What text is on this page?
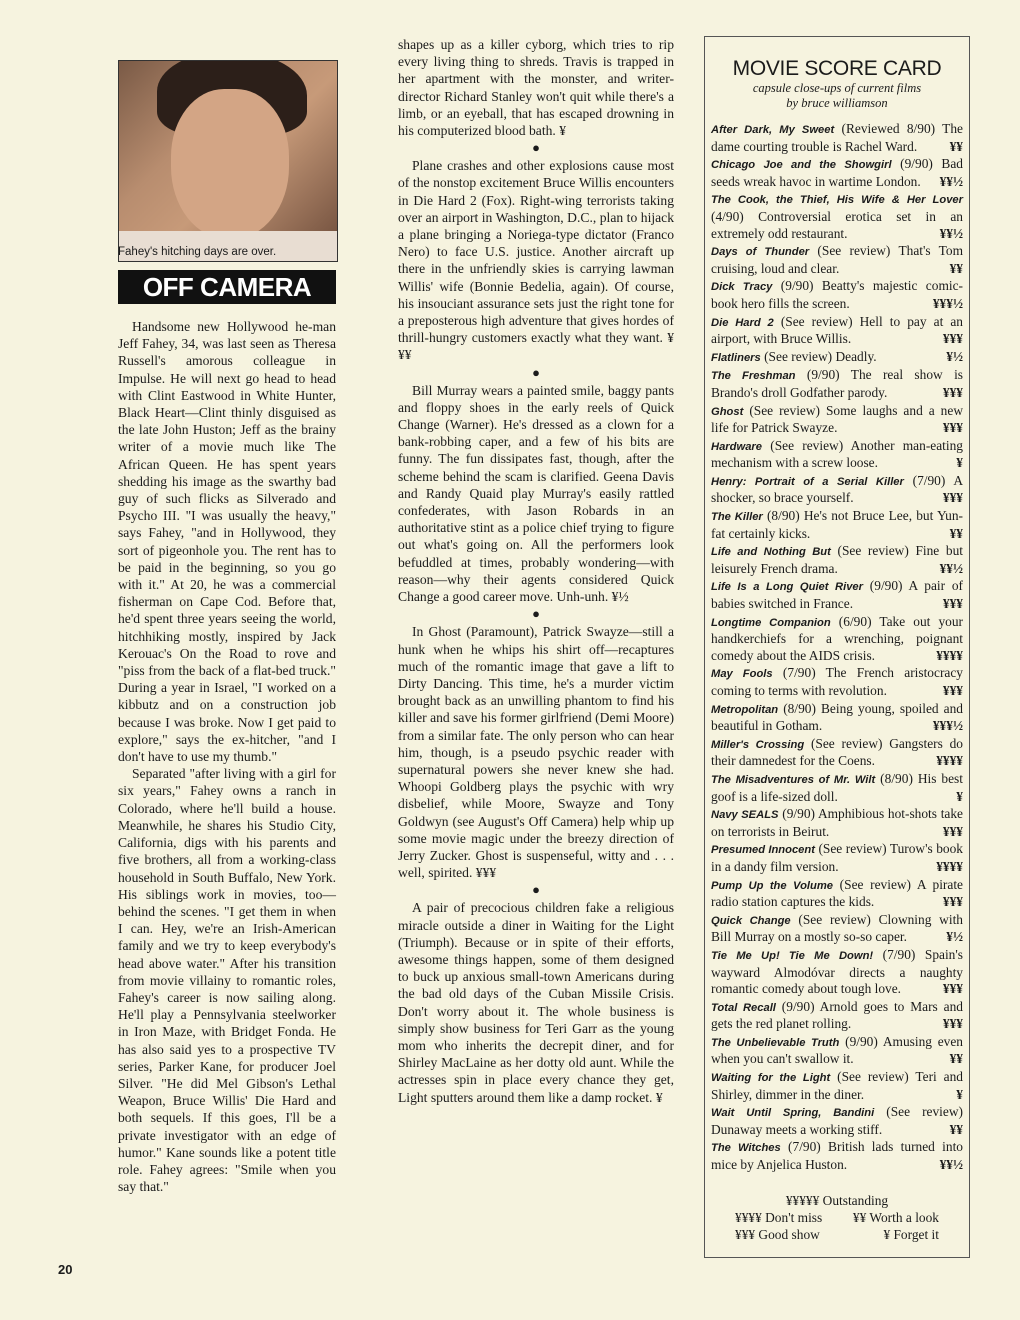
Fahey's hitching days are over.
OFF CAMERA

Handsome new Hollywood he-man Jeff Fahey, 34, was last seen as Theresa Russell's amorous colleague in Impulse. He will next go head to head with Clint Eastwood in White Hunter, Black Heart—Clint thinly disguised as the late John Huston; Jeff as the brainy writer of a movie much like The African Queen. He has spent years shedding his image as the swarthy bad guy of such flicks as Silverado and Psycho III. "I was usually the heavy," says Fahey, "and in Hollywood, they sort of pigeonhole you. The rent has to be paid in the beginning, so you go with it." At 20, he was a commercial fisherman on Cape Cod. Before that, he'd spent three years seeing the world, hitchhiking mostly, inspired by Jack Kerouac's On the Road to rove and "piss from the back of a flat-bed truck." During a year in Israel, "I worked on a kibbutz and on a construction job because I was broke. Now I get paid to explore," says the ex-hitcher, "and I don't have to use my thumb."

Separated "after living with a girl for six years," Fahey owns a ranch in Colorado, where he'll build a house. Meanwhile, he shares his Studio City, California, digs with his parents and five brothers, all from a working-class household in South Buffalo, New York. His siblings work in movies, too—behind the scenes. "I get them in when I can. Hey, we're an Irish-American family and we try to keep everybody's head above water." After his transition from movie villainy to romantic roles, Fahey's career is now sailing along. He'll play a Pennsylvania steelworker in Iron Maze, with Bridget Fonda. He has also said yes to a prospective TV series, Parker Kane, for producer Joel Silver. "He did Mel Gibson's Lethal Weapon, Bruce Willis' Die Hard and both sequels. If this goes, I'll be a private investigator with an edge of humor." Kane sounds like a potent title role. Fahey agrees: "Smile when you say that."

shapes up as a killer cyborg, which tries to rip every living thing to shreds. Travis is trapped in her apartment with the monster, and writer-director Richard Stanley won't quit while there's a limb, or an eyeball, that has escaped drowning in his computerized blood bath. ¥

●

Plane crashes and other explosions cause most of the nonstop excitement Bruce Willis encounters in Die Hard 2 (Fox). Right-wing terrorists taking over an airport in Washington, D.C., plan to hijack a plane bringing a Noriega-type dictator (Franco Nero) to face U.S. justice. Another aircraft up there in the unfriendly skies is carrying lawman Willis' wife (Bonnie Bedelia, again). Of course, his insouciant assurance sets just the right tone for a preposterous high adventure that gives hordes of thrill-hungry customers exactly what they want. ¥¥¥

●

Bill Murray wears a painted smile, baggy pants and floppy shoes in the early reels of Quick Change (Warner). He's dressed as a clown for a bank-robbing caper, and a few of his bits are funny. The fun dissipates fast, though, after the scheme behind the scam is clarified. Geena Davis and Randy Quaid play Murray's easily rattled confederates, with Jason Robards in an authoritative stint as a police chief trying to figure out what's going on. All the performers look befuddled at times, probably wondering—with reason—why their agents considered Quick Change a good career move. Unh-unh. ¥½

●

In Ghost (Paramount), Patrick Swayze—still a hunk when he whips his shirt off—recaptures much of the romantic image that gave a lift to Dirty Dancing. This time, he's a murder victim brought back as an unwilling phantom to find his killer and save his former girlfriend (Demi Moore) from a similar fate. The only person who can hear him, though, is a pseudo psychic reader with supernatural powers she never knew she had. Whoopi Goldberg plays the psychic with wry disbelief, while Moore, Swayze and Tony Goldwyn (see August's Off Camera) help whip up some movie magic under the breezy direction of Jerry Zucker. Ghost is suspenseful, witty and . . . well, spirited. ¥¥¥

●

A pair of precocious children fake a religious miracle outside a diner in Waiting for the Light (Triumph). Because or in spite of their efforts, awesome things happen, some of them designed to buck up anxious small-town Americans during the bad old days of the Cuban Missile Crisis. Don't worry about it. The whole business is simply show business for Teri Garr as the young mom who inherits the decrepit diner, and for Shirley MacLaine as her dotty old aunt. While the actresses spin in place every chance they get, Light sputters around them like a damp rocket. ¥

MOVIE SCORE CARD
capsule close-ups of current films
by bruce williamson
After Dark, My Sweet (Reviewed 8/90) The dame courting trouble is Rachel Ward. ¥¥
Chicago Joe and the Showgirl (9/90) Bad seeds wreak havoc in wartime London. ¥¥½
The Cook, the Thief, His Wife & Her Lover (4/90) Controversial erotica set in an extremely odd restaurant.	¥¥½
Days of Thunder (See review) That's Tom cruising, loud and clear.	¥¥
Dick Tracy (9/90) Beatty's majestic comic-book hero fills the screen.	¥¥¥½
Die Hard 2 (See review) Hell to pay at an airport, with Bruce Willis.	¥¥¥
Flatliners (See review) Deadly.	¥½
The Freshman (9/90) The real show is Brando's droll Godfather parody.	¥¥¥
Ghost (See review) Some laughs and a new life for Patrick Swayze.	¥¥¥
Hardware (See review) Another man-eating mechanism with a screw loose.	¥
Henry: Portrait of a Serial Killer (7/90) A shocker, so brace yourself.	¥¥¥
The Killer (8/90) He's not Bruce Lee, but Yun-fat certainly kicks.	¥¥
Life and Nothing But (See review) Fine but leisurely French drama.	¥¥½
Life Is a Long Quiet River (9/90) A pair of babies switched in France.	¥¥¥
Longtime Companion (6/90) Take out your handkerchiefs for a wrenching, poignant comedy about the AIDS crisis.	¥¥¥¥
May Fools (7/90) The French aristocracy coming to terms with revolution.	¥¥¥
Metropolitan (8/90) Being young, spoiled and beautiful in Gotham.	¥¥¥½
Miller's Crossing (See review) Gangsters do their damnedest for the Coens.	¥¥¥¥
The Misadventures of Mr. Wilt (8/90) His best goof is a life-sized doll.	¥
Navy SEALS (9/90) Amphibious hot-shots take on terrorists in Beirut.	¥¥¥
Presumed Innocent (See review) Turow's book in a dandy film version.	¥¥¥¥
Pump Up the Volume (See review) A pirate radio station captures the kids.	¥¥¥
Quick Change (See review) Clowning with Bill Murray on a mostly so-so caper.	¥½
Tie Me Up! Tie Me Down! (7/90) Spain's wayward Almodóvar directs a naughty romantic comedy about tough love.	¥¥¥
Total Recall (9/90) Arnold goes to Mars and gets the red planet rolling.	¥¥¥
The Unbelievable Truth (9/90) Amusing even when you can't swallow it.	¥¥
Waiting for the Light (See review) Teri and Shirley, dimmer in the diner.	¥
Wait Until Spring, Bandini (See review) Dunaway meets a working stiff.	¥¥
The Witches (7/90) British lads turned into mice by Anjelica Huston.	¥¥½
¥¥¥¥¥ Outstanding
¥¥¥¥ Don't miss ¥¥ Worth a look
¥¥¥ Good show	¥ Forget it
20
